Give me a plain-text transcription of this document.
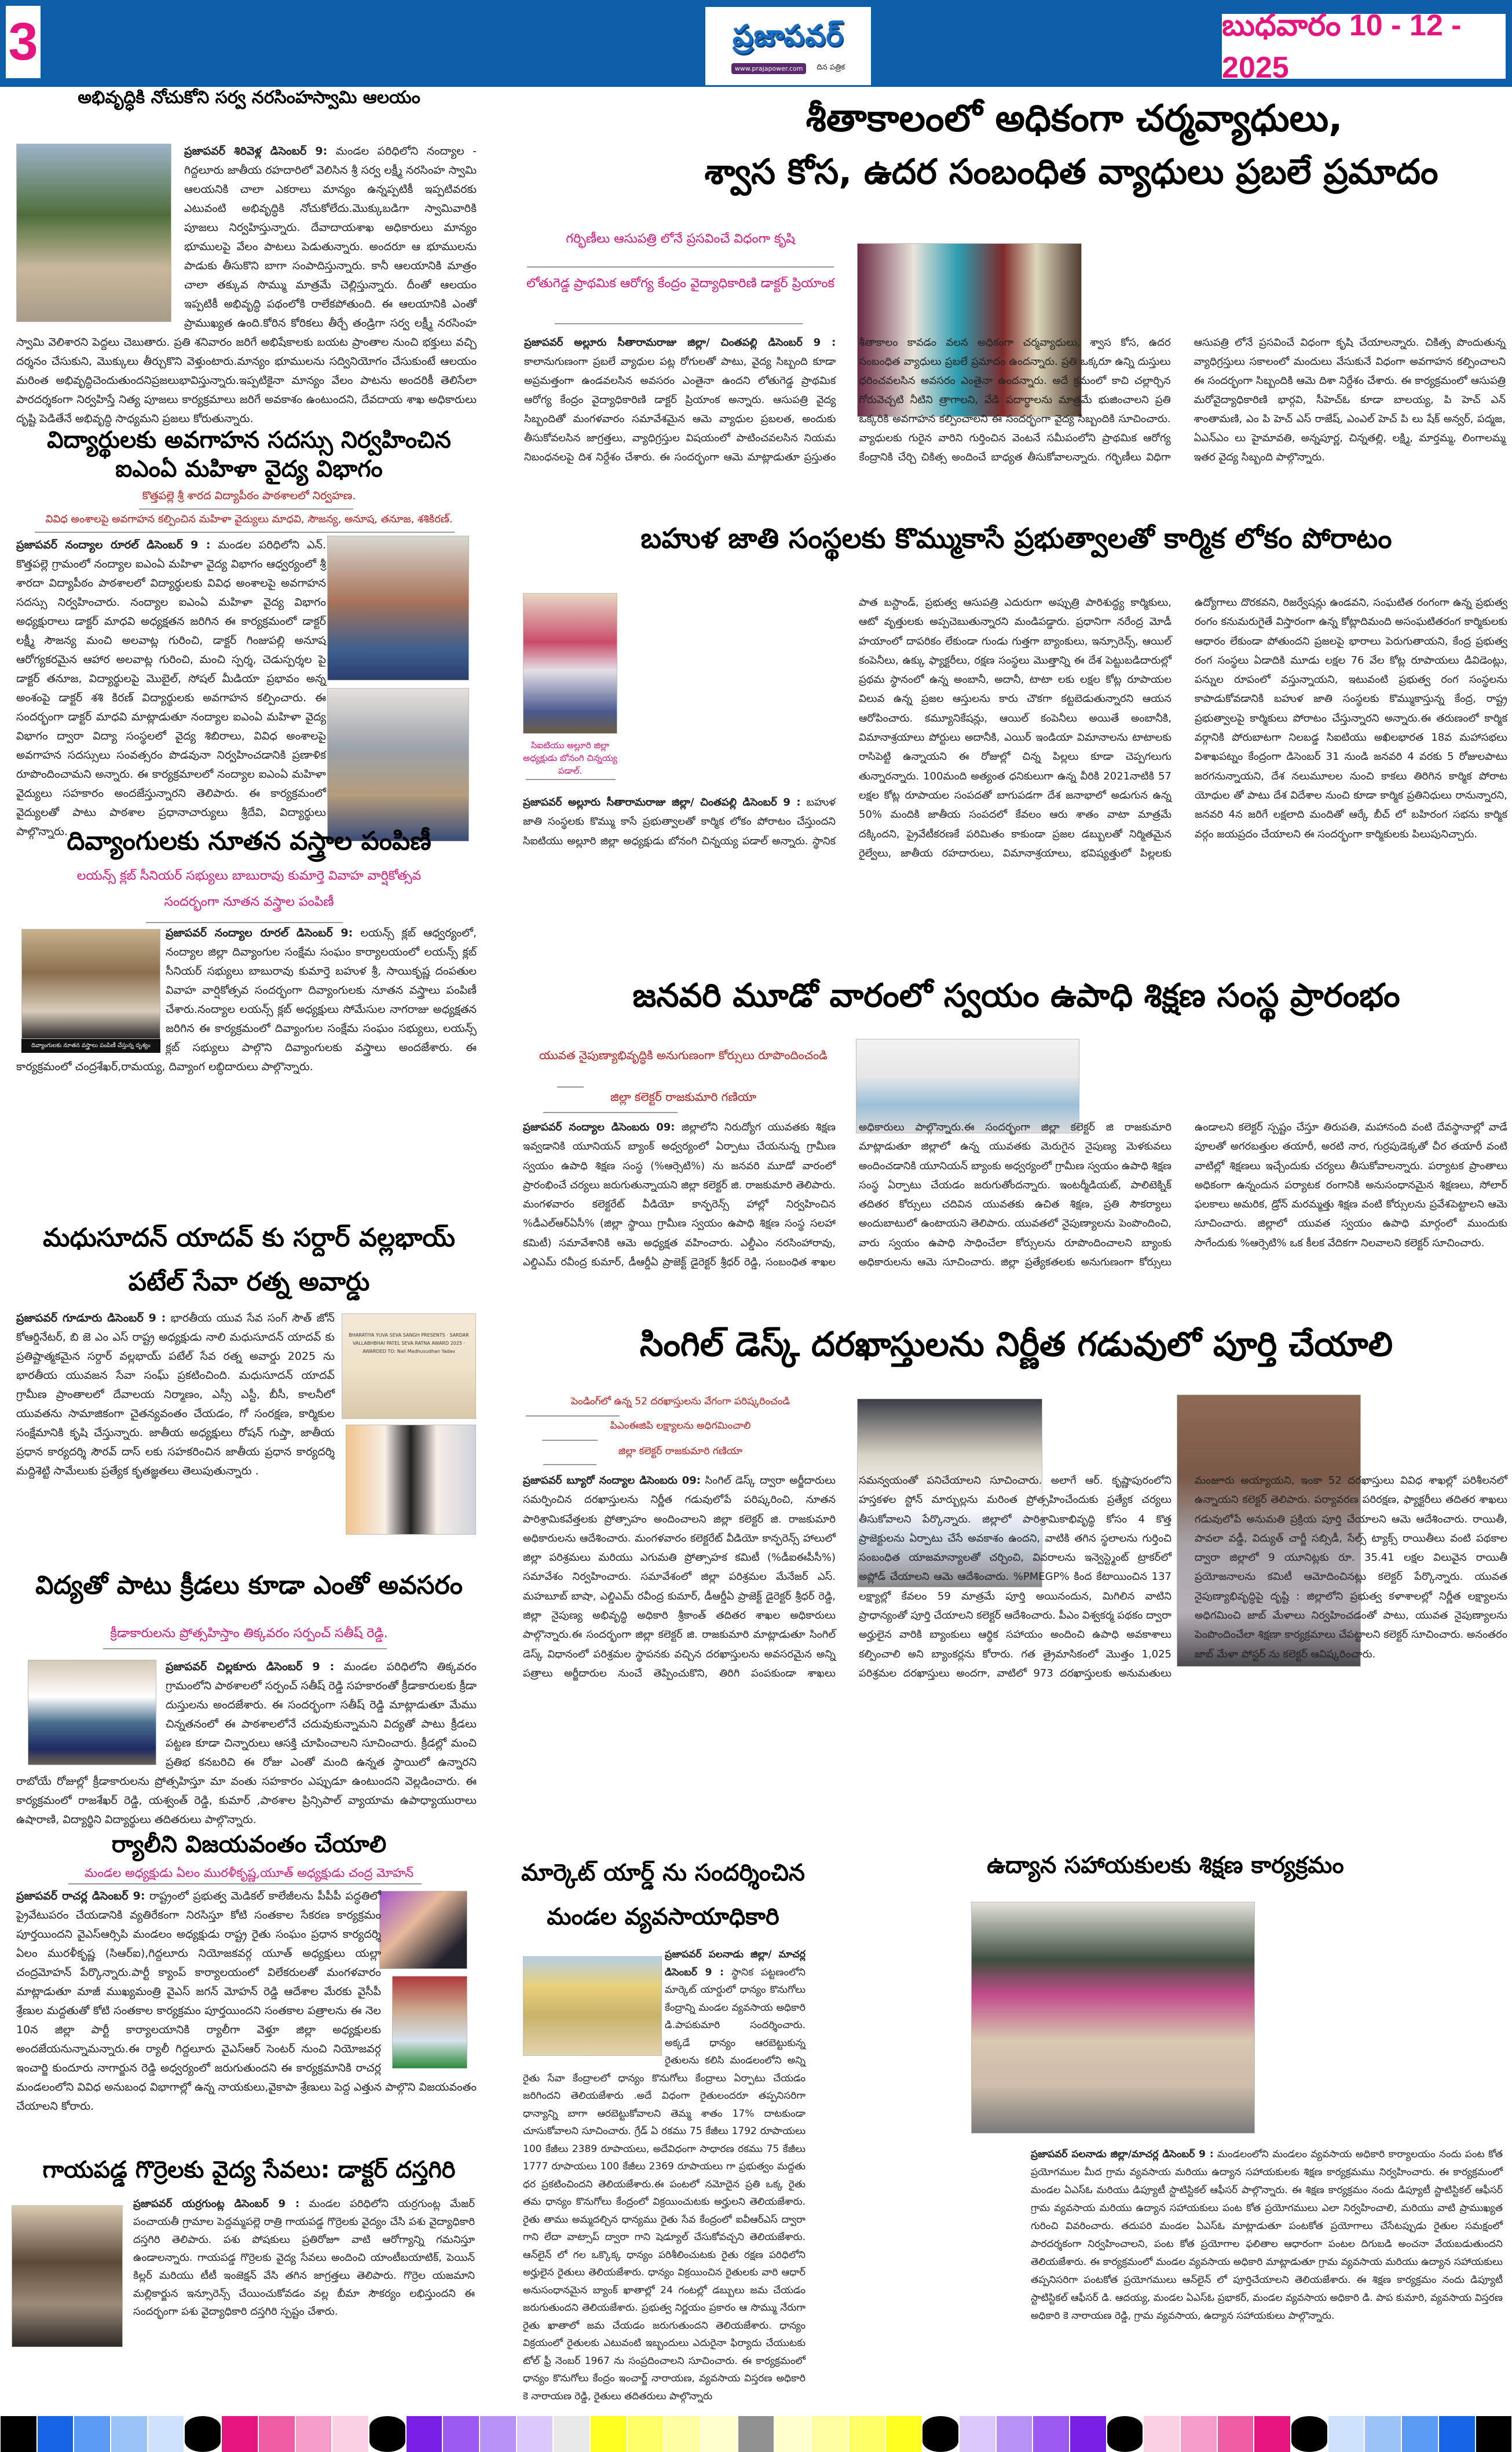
3	ప్రజాపవర్
www.prajapower.com	దిన పత్రిక
బుధవారం 10 - 12 - 2025
అభివృద్ధికి నోచుకోని సర్వ నరసింహస్వామి ఆలయం
ప్రజాపవర్ శిరివెళ్ల డిసెంబర్ 9: మండల పరిధిలోని నంద్యాల - గిద్దలూరు జాతీయ రహదారిలో వెలిసిన శ్రీ సర్వ లక్ష్మీ నరసింహ స్వామి ఆలయనికి చాలా ఎకరాలు మాన్యం ఉన్నప్పటికీ ఇప్పటివరకు ఎటువంటి అభివృద్ధికి నోచుకోలేదు.మొక్కుబడిగా స్వామివారికి పూజలు నిర్వహిస్తున్నారు. దేవాదాయశాఖ అధికారులు మాన్యం భూములపై వేలం పాటలు పెడుతున్నారు. అందరూ ఆ భూములను పాడుకు తీసుకొని బాగా సంపాదిస్తున్నారు. కానీ ఆలయానికి మాత్రం చాలా తక్కువ సొమ్ము మాత్రమే చెల్లిస్తున్నారు. దీంతో ఆలయం ఇప్పటికీ అభివృద్ధి పథంలోకి రాలేకపోతుంది. ఈ ఆలయానికి ఎంతో ప్రాముఖ్యత ఉంది.కోరిన కోరికలు తీర్చే తండ్రిగా సర్వ లక్ష్మీ నరసింహ స్వామి వెలిశారని పెద్దలు చెబుతారు. ప్రతి శనివారం జరిగే అభిషేకాలకు బయట ప్రాంతాల నుంచి భక్తులు వచ్చి దర్శనం చేసుకుని, మొక్కులు తీర్చుకొని వెళ్తుంటారు.మాన్యం భూములను సద్వినియోగం చేసుకుంటే ఆలయం మరింత అభివృద్ధిచెందుతుందనిప్రజలుభావిస్తున్నారు.ఇప్పటికైనా మాన్యం వేలం పాటను అందరికీ తెలిసేలా పారదర్శకంగా నిర్వహిస్తే నిత్య పూజలు కార్యక్రమాలు జరిగే అవకాశం ఉంటుందని, దేవదాయ శాఖ అధికారులు దృష్టి పెడితేనే అభివృద్ధి సాధ్యమని ప్రజలు కోరుతున్నారు.
విద్యార్థులకు అవగాహన సదస్సు నిర్వహించిన ఐఎంఏ మహిళా వైద్య విభాగం
కొత్తపల్లె శ్రీ శారద విద్యాపీఠం పాఠశాలలో నిర్వహణ.
వివిధ అంశాలపై అవగాహన కల్పించిన మహిళా వైద్యులు మాధవి, సౌజన్య, అనూష, తనూజ, శశికిరణ్.
ప్రజాపవర్ నంద్యాల రూరల్ డిసెంబర్ 9 : మండల పరిధిలోని ఎన్. కొత్తపల్లె గ్రామంలో నంద్యాల ఐఎంఏ మహిళా వైద్య విభాగం ఆధ్వర్యంలో శ్రీ శారదా విద్యాపీఠం పాఠశాలలో విద్యార్థులకు వివిధ అంశాలపై అవగాహన సదస్సు నిర్వహించారు. నంద్యాల ఐఎంఏ మహిళా వైద్య విభాగం అధ్యక్షురాలు డాక్టర్ మాధవి అధ్యక్షతన జరిగిన ఈ కార్యక్రమంలో డాక్టర్ లక్ష్మీ సౌజన్య మంచి అలవాట్ల గురించి, డాక్టర్ గింజుపల్లి అనూష ఆరోగ్యకరమైన ఆహార అలవాట్ల గురించి, మంచి స్పర్శ, చెడుస్పర్శల పై డాక్టర్ తనూజ, విద్యార్థులపై మొబైల్, సోషల్ మీడియా ప్రభావం అన్న అంశంపై డాక్టర్ శశి కిరణ్ విద్యార్థులకు అవగాహన కల్పించారు. ఈ సందర్భంగా డాక్టర్ మాధవి మాట్లాడుతూ నంద్యాల ఐఎంఏ మహిళా వైద్య విభాగం ద్వారా విద్యా సంస్థలలో వైద్య శిబిరాలు, వివిధ అంశాలపై అవగాహన సదస్సులు సంవత్సరం పొడవునా నిర్వహించడానికి ప్రణాళిక రూపొందించామని అన్నారు. ఈ కార్యక్రమాలలో నంద్యాల ఐఎంఏ మహిళా వైద్యులు సహకారం అందజేస్తున్నారని తెలిపారు. ఈ కార్యక్రమంలో వైద్యులతో పాటు పాఠశాల ప్రధానాచార్యులు శ్రీదేవి, విద్యార్థులు పాల్గొన్నారు.
దివ్యాంగులకు నూతన వస్త్రాల పంపిణీ
లయన్స్ క్లబ్ సీనియర్ సభ్యులు బాబురావు కుమార్తె వివాహ వార్షికోత్సవ
సందర్భంగా నూతన వస్త్రాల పంపిణీ
దివ్యాంగులకు నూతన వస్త్రాలు పంపిణీ చేస్తున్న దృశ్యం
ప్రజాపవర్ నంద్యాల రూరల్ డిసెంబర్ 9: లయన్స్ క్లబ్ ఆధ్వర్యంలో, నంద్యాల జిల్లా దివ్యాంగుల సంక్షేమ సంఘం కార్యాలయంలో లయన్స్ క్లబ్ సీనియర్ సభ్యులు బాబురావు కుమార్తె బహుళ శ్రీ, సాయికృష్ణ దంపతుల వివాహ వార్షికోత్సవ సందర్భంగా దివ్యాంగులకు నూతన వస్త్రాలు పంపిణీ చేశారు.నంద్యాల లయన్స్ క్లబ్ అధ్యక్షులు సోమేసుల నాగరాజు అధ్యక్షతన జరిగిన ఈ కార్యక్రమంలో దివ్యాంగుల సంక్షేమ సంఘం సభ్యులు, లయన్స్ క్లబ్ సభ్యులు పాల్గొని దివ్యాంగులకు వస్త్రాలు అందజేశారు. ఈ కార్యక్రమంలో చంద్రశేఖర్,రామయ్య, దివ్యాంగ లబ్ధిదారులు పాల్గొన్నారు.
మధుసూదన్ యాదవ్ కు సర్దార్ వల్లభాయ్ పటేల్ సేవా రత్న అవార్డు
BHARATIYA YUVA SEVA SANGH PRESENTS · SARDAR VALLABHBHAI PATEL SEVA RATNA AWARD 2025 · AWARDED TO: Nali Madhusudhan Yadav
ప్రజాపవర్ గూడూరు డిసెంబర్ 9 : భారతీయ యువ సేవ సంగ్ సౌత్ జోన్ కోఆర్డినేటర్, బి జె ఎం ఎస్ రాష్ట్ర అధ్యక్షుడు నాలి మధుసూదన్ యాదవ్ కు ప్రతిష్టాత్మకమైన సర్దార్ వల్లభాయ్ పటేల్ సేవ రత్న అవార్డు 2025 ను భారతీయ యువజన సేవా సంఘ్ ప్రకటించింది. మధుసూదన్ యాదవ్ గ్రామీణ ప్రాంతాలలో దేవాలయ నిర్మాణం, ఎస్సీ ఎస్టీ, బీసీ, కాలనీలో యువతను సామాజికంగా చైతన్యవంతం చేయడం, గో సంరక్షణ, కార్మికుల సంక్షేమానికి కృషి చేస్తున్నారు. జాతీయ అధ్యక్షులు రోషన్ గుప్తా, జాతీయ ప్రధాన కార్యదర్శి సౌరవ్ దాస్ లకు సహకరించిన జాతీయ ప్రధాన కార్యదర్శి మద్దిశెట్టి సామేలుకు ప్రత్యేక కృతజ్ఞతలు తెలుపుతున్నారు .
విద్యతో పాటు క్రీడలు కూడా ఎంతో అవసరం
క్రీడాకారులను ప్రోత్సహిస్తాం తిక్కవరం సర్పంచ్ సతీష్ రెడ్డి.
ప్రజాపవర్ చిల్లకూరు డిసెంబర్ 9 : మండల పరిధిలోని తిక్కవరం గ్రామంలోని పాఠశాలలో సర్పంచ్ సతీష్ రెడ్డి సహకారంతో క్రీడాకారులకు క్రీడా దుస్తులను అందజేశారు. ఈ సందర్భంగా సతీష్ రెడ్డి మాట్లాడుతూ మేము చిన్నతనంలో ఈ పాఠశాలలోనే చదువుకున్నామని విద్యతో పాటు క్రీడలు పట్టణ కూడా చిన్నారులు ఆసక్తి చూపించాలని సూచించారు. క్రీడల్లో మంచి ప్రతిభ కనబరిచి ఈ రోజు ఎంతో మంది ఉన్నత స్థాయిలో ఉన్నారని రాబోయే రోజుల్లో క్రీడాకారులను ప్రోత్సహిస్తూ మా వంతు సహకారం ఎప్పుడూ ఉంటుందని వెల్లడించారు. ఈ కార్యక్రమంలో రాజశేఖర్ రెడ్డి, యశ్వంత్ రెడ్డి, కుమార్ ,పాఠశాల ప్రిన్సిపాల్ వ్యాయామ ఉపాధ్యాయురాలు ఉషారాణి, విద్యార్థిని విద్యార్థులు తదితరులు పాల్గొన్నారు.
ర్యాలీని విజయవంతం చేయాలి
మండల అధ్యక్షుడు ఏలం మురళీకృష్ణ,యూత్ అధ్యక్షుడు చంద్ర మోహన్
ప్రజాపవర్ రాచర్ల డిసెంబర్ 9: రాష్ట్రంలో ప్రభుత్వ మెడికల్ కాలేజీలను పీపీపీ పద్ధతిలో ప్రైవేటుపరం చేయడానికి వ్యతిరేకంగా నిరసిస్తూ కోటి సంతకాల సేకరణ కార్యక్రమం పూర్తయిందని వైఎస్ఆర్సిపి మండలం అధ్యక్షుడు రాష్ట్ర రైతు సంఘం ప్రధాన కార్యదర్శి ఏలం మురళీకృష్ణ (సిఆర్ఐ),గిద్దలూరు నియోజకవర్గ యూత్ అధ్యక్షులు యల్లా చంద్రమోహన్ పేర్కొన్నారు.పార్టీ క్యాంప్ కార్యాలయంలో విలేకరులతో మంగళవారం మాట్లాడుతూ మాజీ ముఖ్యమంత్రి వైఎస్ జగన్ మోహన్ రెడ్డి ఆదేశాల మేరకు వైసీపీ శ్రేణుల మద్దతుతో కోటి సంతకాల కార్యక్రమం పూర్తయిందని సంతకాల పత్రాలను ఈ నెల 10న జిల్లా పార్టీ కార్యాలయానికి ర్యాలీగా వెళ్తూ జిల్లా అధ్యక్షులకు అందజేయనున్నామన్నారు.ఈ ర్యాలీ గిద్దలూరు వైఎస్ఆర్ సెంటర్ నుంచి నియోజవర్గ ఇంచార్జి కుందూరు నాగార్జున రెడ్డి అధ్వర్యంలో జరుగుతుందని ఈ కార్యక్రమానికి రాచర్ల మండలంలోని వివిధ అనుబంధ విభాగాల్లో ఉన్న నాయకులు,వైకాపా శ్రేణులు పెద్ద ఎత్తున పాల్గొని విజయవంతం చేయాలని కోరారు.
గాయపడ్డ గొర్రెలకు వైద్య సేవలు: డాక్టర్ దస్తగిరి
ప్రజాపవర్ యర్రగుంట్ల డిసెంబర్ 9 : మండల పరిధిలోని యర్రగుంట్ల మేజర్ పంచాయతీ గ్రామాల పెద్దమ్మపల్లె రాత్రి గాయపడ్డ గొర్రెలకు వైద్యం చేసి పశు వైద్యాధికారి దస్తగిరి తెలిపారు. పశు పోషకులు ప్రతిరోజూ వాటి ఆరోగ్యాన్ని గమనిస్తూ ఉండాలన్నారు. గాయపడ్డ గొర్రెలకు వైద్య సేవలు అందించి యాంటీబయాటిక్, పెయిన్ కిల్లర్ మరియు టీటీ ఇంజెక్షన్ వేసి తగిన జాగ్రత్తలు తెలిపారు. గొర్రెల యజమాని మల్లికార్జున ఇన్సూరెన్స్ చేయించుకోవడం వల్ల బీమా సౌకర్యం లభిస్తుందని ఈ సందర్భంగా పశు వైద్యాధికారి దస్తగిరి స్పష్టం చేశారు.
శీతాకాలంలో అధికంగా చర్మవ్యాధులు,
శ్వాస కోస, ఉదర సంబంధిత వ్యాధులు ప్రబలే ప్రమాదం
గర్భిణీలు ఆసుపత్రి లోనే ప్రసవించే విధంగా కృషి
లోతుగెడ్డ ప్రాథమిక ఆరోగ్య కేంద్రం వైద్యాధికారిణి డాక్టర్ ప్రియాంక
ప్రజాపవర్ అల్లూరు సీతారామరాజు జిల్లా/ చింతపల్లి డిసెంబర్ 9 : కాలానుగుణంగా ప్రబలే వ్యాధుల పట్ల రోగులతో పాటు, వైద్య సిబ్బంది కూడా అప్రమత్తంగా ఉండవలసిన అవసరం ఎంతైనా ఉందని లోతుగెడ్డ ప్రాథమిక ఆరోగ్య కేంద్రం వైద్యాధికారిణి డాక్టర్ ప్రియాంక అన్నారు. ఆసుపత్రి వైద్య సిబ్బందితో మంగళవారం సమావేశమైన ఆమె వ్యాధుల ప్రబలత, అందుకు తీసుకోవలసిన జాగ్రత్తలు, వ్యాధిగ్రస్తుల విషయంలో పాటించవలసిన నియమ నిబంధనలపై దిశ నిర్దేశం చేశారు. ఈ సందర్భంగా ఆమె మాట్లాడుతూ ప్రస్తుతం శీతాకాలం కావడం వలన అధికంగా చర్మవ్యాధులు, శ్వాస కోస, ఉదర సంబంధిత వ్యాధులు ప్రబలే ప్రమాదం ఉందన్నారు. ప్రతి ఒక్కరూ ఉన్ని దుస్తులు ధరించవలసిన అవసరం ఎంతైనా ఉందన్నారు. అదే క్రమంలో కాచి చల్లార్చిన గోరువెచ్చటి నీటిని త్రాగాలని, వేడి పదార్థాలను మాత్రమే భుజించాలని ప్రతి ఒక్కరికి అవగాహన కల్పించాలని ఈ సందర్భంగా వైద్య సిబ్బందికి సూచించారు. వ్యాధులకు గురైన వారిని గుర్తించిన వెంటనే సమీపంలోని ప్రాథమిక ఆరోగ్య కేంద్రానికి చేర్చి చికిత్స అందించే బాధ్యత తీసుకోవాలన్నారు. గర్భిణీలు విధిగా ఆసుపత్రి లోనే ప్రసవించే విధంగా కృషి చేయాలన్నారు. చికిత్స పొందుతున్న వ్యాధిగ్రస్తులు సకాలంలో మందులు వేసుకునే విధంగా అవగాహన కల్పించాలని ఈ సందర్భంగా సిబ్బందికి ఆమె దిశా నిర్దేశం చేశారు. ఈ కార్యక్రమంలో ఆసుపత్రి మరోవైద్యాధికారిణి భార్గవి, సీహెచ్ఓ కూడా బాలయ్య, పి హెచ్ ఎన్ శాంతామణి, ఎం పి హెచ్ ఎస్ రాజేష్, ఎంఎల్ హెచ్ పి లు షేక్ అన్వర్, పద్మజ, ఏఎన్ఎం లు హైమావతి, అన్నపూర్ణ, చిన్నతల్లి, లక్ష్మి, మార్తమ్మ, లింగాలమ్మ ఇతర వైద్య సిబ్బంది పాల్గొన్నారు.
బహుళ జాతి సంస్థలకు కొమ్ముకాసే ప్రభుత్వాలతో కార్మిక లోకం పోరాటం
సిఐటియు అల్లూరి జిల్లా అధ్యక్షుడు బోనంగి చిన్నయ్య పడాల్.
ప్రజాపవర్ అల్లూరు సీతారామరాజు జిల్లా/ చింతపల్లి డిసెంబర్ 9 : బహుళ జాతి సంస్థలకు కొమ్ము కాసే ప్రభుత్వాలతో కార్మిక లోకం పోరాటం చేస్తుందని సిఐటియు అల్లూరి జిల్లా అధ్యక్షుడు బోనంగి చిన్నయ్య పడాల్ అన్నారు. స్థానిక పాత బస్టాండ్, ప్రభుత్వ ఆసుపత్రి ఎదురుగా అప్పుత్రి పారిశుద్ధ్య కార్మికులు, ఆటో వృత్తులకు అప్పచెబుతున్నారని మండిపడ్డారు. ప్రధానిగా నరేంద్ర మోడీ హయాంలో దాపరికం లేకుండా గుండు గుత్తగా బ్యాంకులు, ఇన్సూరెన్స్, ఆయిల్ కంపెనీలు, ఉక్కు ఫ్యాక్టరీలు, రక్షణ సంస్థలు మొత్తాన్ని ఈ దేశ పెట్టుబడిదారుల్లో ప్రథమ స్థానంలో ఉన్న అంబానీ, అదానీ, టాటా లకు లక్షల కోట్ల రూపాయల విలువ ఉన్న ప్రజల ఆస్తులను కారు చౌకగా కట్టబెడుతున్నారని ఆయన ఆరోపించారు. కమ్యూనికేషన్లు, ఆయిల్ కంపెనీలు అయితే అంబానీకి, విమానాశ్రయాలు పోర్టులు అదానీకి, ఎయిర్ ఇండియా విమానాలను టాటాలకు రాసిపెట్టి ఉన్నాయని ఈ రోజుల్లో చిన్న పిల్లలు కూడా చెప్పగలుగు తున్నారన్నారు. 100మంది అత్యంత ధనికులుగా ఉన్న వీరికి 2021నాటికి 57 లక్షల కోట్ల రూపాయల సంపదతో బాగుపడగా దేశ జనాభాలో అడుగున ఉన్న 50% మందికి జాతీయ సంపదలో కేవలం ఆరు శాతం వాటా మాత్రమే దక్కిందని, ప్రైవేటీకరణకే పరిమితం కాకుండా ప్రజల డబ్బులతో నిర్మితమైన రైల్వేలు, జాతీయ రహదారులు, విమానాశ్రయాలు, భవిష్యత్తులో పిల్లలకు ఉద్యోగాలు దొరకవని, రిజర్వేషన్లు ఉండవని, సంఘటిత రంగంగా ఉన్న ప్రభుత్వ రంగం కనుమరుగైతే విస్తారంగా ఉన్న కోట్లాదిమంది అసంఘటితరంగ కార్మికులకు ఆధారం లేకుండా పోతుందని ప్రజలపై భారాలు పెరుగుతాయని, కేంద్ర ప్రభుత్వ రంగ సంస్థలు ఏడాదికి మూడు లక్షల 76 వేల కోట్ల రూపాయలు డివిడెంట్లు, పన్నుల రూపంలో వస్తున్నాయని, ఇటువంటి ప్రభుత్వ రంగ సంస్థలను కాపాడుకోవడానికి బహుళ జాతి సంస్థలకు కొమ్ముకాస్తున్న కేంద్ర, రాష్ట్ర ప్రభుత్వాలపై కార్మికులు పోరాటం చేస్తున్నారని అన్నారు.ఈ తరుణంలో కార్మిక వర్గానికి పోరుబాటగా నిలబడ్డ సిఐటియు అఖిలభారత 18వ మహాసభలు విశాఖపట్నం కేంద్రంగా డిసెంబర్ 31 నుండి జనవరి 4 వరకు 5 రోజులపాటు జరగనున్నాయని, దేశ నలుమూలల నుంచి కాకలు తిరిగిన కార్మిక పోరాట యోధుల తో పాటు దేశ విదేశాల నుంచి కూడా కార్మిక ప్రతినిధులు రానున్నారని, జనవరి 4న జరిగే లక్షలాది మందితో ఆర్కే బీచ్ లో బహిరంగ సభను కార్మిక వర్గం జయప్రదం చేయాలని ఈ సందర్భంగా కార్మికులకు పిలుపునిచ్చారు.
జనవరి మూడో వారంలో స్వయం ఉపాధి శిక్షణ సంస్థ ప్రారంభం
యువత నైపుణ్యాభివృద్ధికి అనుగుణంగా కోర్సులు రూపొందించండి
జిల్లా కలెక్టర్ రాజకుమారి గణియా
ప్రజాపవర్ నంద్యాల డిసెంబరు 09: జిల్లాలోని నిరుద్యోగ యువతకు శిక్షణ ఇవ్వడానికి యూనియన్ బ్యాంక్ అధ్వర్యంలో ఏర్పాటు చేయనున్న గ్రామీణ స్వయం ఉపాధి శిక్షణ సంస్థ (%ఆర్సెటి%) ను జనవరి మూడో వారంలో ప్రారంభించే చర్యలు జరుగుతున్నాయని జిల్లా కలెక్టర్ జి. రాజకుమారి తెలిపారు. మంగళవారం కలెక్టరేట్ వీడియో కాన్ఫరెన్స్ హాల్లో నిర్వహించిన %డీఎల్ఆర్ఏసీ% (జిల్లా స్థాయి గ్రామీణ స్వయం ఉపాధి శిక్షణ సంస్థ సలహా కమిటీ) సమావేశానికి ఆమె అధ్యక్షత వహించారు. ఎల్డీఎం నరసింహారావు, ఎల్డిఎమ్ రవీంద్ర కుమార్, డీఆర్డీఏ ప్రాజెక్ట్ డైరెక్టర్ శ్రీధర్ రెడ్డి, సంబంధిత శాఖల అధికారులు పాల్గొన్నారు.ఈ సందర్భంగా జిల్లా కలెక్టర్ జి రాజకుమారి మాట్లాడుతూ జిల్లాలో ఉన్న యువతకు మెరుగైన నైపుణ్య మెళకువలు అందించడానికి యూనియన్ బ్యాంకు అధ్వర్యంలో గ్రామీణ స్వయం ఉపాధి శిక్షణ సంస్థ ఏర్పాటు చేయడం జరుగుతోందన్నారు. ఇంటర్మీడియట్, పాలిటెక్నిక్ తదితర కోర్సులు చదివిన యువతకు ఉచిత శిక్షణ, ప్రతి సౌకర్యాలు అందుబాటులో ఉంటాయని తెలిపారు. యువతలో నైపుణ్యాలను పెంపొందించి, వారు స్వయం ఉపాధి సాధించేలా కోర్సులను రూపొందించాలని బ్యాంకు అధికారులను ఆమె సూచించారు. జిల్లా ప్రత్యేకతలకు అనుగుణంగా కోర్సులు ఉండాలని కలెక్టర్ స్పష్టం చేస్తూ తిరుపతి, మహానంది వంటి దేవస్థానాల్లో వాడే పూలతో అగరబత్తుల తయారీ, అరటి నార, గుర్రపుడెక్కతో చీర తయారీ వంటి వాటిల్లో శిక్షణలు ఇచ్చేందుకు చర్యలు తీసుకోవాలన్నారు. పర్యాటక ప్రాంతాలు అధికంగా ఉన్నందున పర్యాటక రంగానికి అనుసంధానమైన శిక్షణలు, సోలార్ ఫలకాలు అమరిక, డ్రోన్ మరమ్మత్తు శిక్షణ వంటి కోర్సులను ప్రవేశపెట్టాలని ఆమె సూచించారు. జిల్లాలో యువత స్వయం ఉపాధి మార్గంలో ముందుకు సాగేందుకు %ఆర్సెటి% ఒక కీలక వేదికగా నిలవాలని కలెక్టర్ సూచించారు.
సింగిల్ డెస్క్ దరఖాస్తులను నిర్ణీత గడువులో పూర్తి చేయాలి
పెండింగ్‌లో ఉన్న 52 దరఖాస్తులను వేగంగా పరిష్కరించండి
పిఎంఈజిపి లక్ష్యాలను అధిగమించాలి
జిల్లా కలెక్టర్ రాజకుమారి గణియా
ప్రజాపవర్ బ్యూరో నంద్యాల డిసెంబరు 09: సింగిల్ డెస్క్ ద్వారా అర్జీదారులు సమర్పించిన దరఖాస్తులను నిర్ణీత గడువులోపే పరిష్కరించి, నూతన పారిశ్రామికవేత్తలకు ప్రోత్సాహం అందించాలని జిల్లా కలెక్టర్ జి. రాజకుమారి అధికారులను ఆదేశించారు. మంగళవారం కలెక్టరేట్ వీడియో కాన్ఫరెన్స్ హాలులో జిల్లా పరిశ్రమలు మరియు ఎగుమతి ప్రోత్సాహక కమిటీ (%డీఐఈపీసీ%) సమావేశం నిర్వహించారు. సమావేశంలో జిల్లా పరిశ్రమల మేనేజర్ ఎస్. మహబూబ్ బాషా, ఎల్డిఎమ్ రవీంద్ర కుమార్, డీఆర్డీఏ ప్రాజెక్ట్ డైరెక్టర్ శ్రీధర్ రెడ్డి, జిల్లా నైపుణ్య అభివృద్ధి అధికారి శ్రీకాంత్ తదితర శాఖల అధికారులు పాల్గొన్నారు.ఈ సందర్భంగా జిల్లా కలెక్టర్ జి. రాజకుమారి మాట్లాడుతూ సింగిల్ డెస్క్ విధానంలో పరిశ్రమల స్థాపనకు వచ్చిన దరఖాస్తులను అవసరమైన అన్ని పత్రాలు అర్జీదారుల నుంచే తెప్పించుకొని, తిరిగి పంపకుండా శాఖలు సమన్వయంతో పనిచేయాలని సూచించారు. అలాగే ఆర్. కృష్ణాపురంలోని హస్తకళల స్టోన్ మార్బుల్లను మరింత ప్రోత్సహించేందుకు ప్రత్యేక చర్యలు తీసుకోవాలని పేర్కొన్నారు. జిల్లాలో పారిశ్రామికాభివృద్ధి కోసం 4 కొత్త ప్రాజెక్టులను ఏర్పాటు చేసే అవకాశం ఉందని, వాటికి తగిన స్థలాలను గుర్తించి సంబంధిత యాజమాన్యాలతో చర్చించి, వివరాలను ఇన్వెస్ట్మెంట్ ట్రాకర్‌లో అప్లోడ్ చేయాలని ఆమె ఆదేశించారు. %PMEGP% కింద కేటాయించిన 137 లక్ష్యాల్లో కేవలం 59 మాత్రమే పూర్తి అయినందున, మిగిలిన వాటిని ప్రాధాన్యంతో పూర్తి చేయాలని కలెక్టర్ ఆదేశించారు. పీఎం విశ్వకర్మ పథకం ద్వారా అర్హులైన వారికి బ్యాంకులు ఆర్థిక సహాయం అందించి ఉపాధి అవకాశాలు కల్పించాలి అని బ్యాంకర్లను కోరారు. గత త్రైమాసికంలో మొత్తం 1,025 పరిశ్రమల దరఖాస్తులు అందగా, వాటిలో 973 దరఖాస్తులకు అనుమతులు మంజూరు అయ్యాయని, ఇంకా 52 దరఖాస్తులు వివిధ శాఖల్లో పరిశీలనలో ఉన్నాయని కలెక్టర్ తెలిపారు. పర్యావరణ పరిరక్షణ, ఫ్యాక్టరీలు తదితర శాఖలు గడువులోపే అనుమతి ప్రక్రియ పూర్తి చేయాలని ఆమె ఆదేశించారు. రాయితీ, పావలా వడ్డీ, విద్యుత్ చార్జీ సబ్సిడీ, సేల్స్ ట్యాక్స్ రాయితీలు వంటి పథకాల ద్వారా జిల్లాలో 9 యూనిట్లకు రూ. 35.41 లక్షల విలువైన రాయితీ ప్రయోజనాలను కమిటీ ఆమోదించినట్లు కలెక్టర్ పేర్కొన్నారు. యువత నైపుణ్యాభివృద్ధిపై దృష్టి : జిల్లాలోని ప్రభుత్వ కళాశాలల్లో నిర్ణీత లక్ష్యాలను అధిగమించి జాబ్ మేళాలు నిర్వహించడంతో పాటు, యువత నైపుణ్యాలను పెంపొందించేలా శిక్షణా కార్యక్రమాలు చేపట్టాలని కలెక్టర్ సూచించారు. అనంతరం జాబ్ మేళా పోస్టర్ ను కలెక్టర్ ఆవిష్కరించారు.
మార్కెట్ యార్డ్ ను సందర్శించిన మండల వ్యవసాయాధికారి
ప్రజాపవర్ పలనాడు జిల్లా/ మాచర్ల డిసెంబర్ 9 : స్థానిక పట్టణంలోని మార్కెట్ యార్డులో ధాన్యం కొనుగోలు కేంద్రాన్ని మండల వ్యవసాయ అధికారి డి.పాపకుమారి సందర్శించారు. అక్కడే ధాన్యం ఆరబెట్టుకున్న రైతులను కలిసి మండలంలోని అన్ని రైతు సేవా కేంద్రాలలో ధాన్యం కొనుగోలు కేంద్రాలు ఏర్పాటు చేయడం జరిగిందని తెలియజేశారు .అదే విధంగా రైతులందరూ తప్పనిసరిగా ధాన్యాన్ని బాగా ఆరబెట్టుకోవాలని తెమ్మ శాతం 17% దాటకుండా చూసుకోవాలని సూచించారు. గ్రేడ్ ఏ రకము 75 కేజీలు 1792 రూపాయలు 100 కేజీలు 2389 రూపాయలు, అదేవిధంగా సాధారణ రకము 75 కేజీలు 1777 రూపాయలు 100 కేజీలు 2369 రూపాయలు గా ప్రభుత్వం మద్దతు ధర ప్రకటించిందని తెలియజేశారు.ఈ పంటలో నమోదైన ప్రతి ఒక్క రైతు తమ ధాన్యం కొనుగోలు కేంద్రంలో విక్రయించుటకు అర్హులని తెలియజేశారు. రైతు తాము అమ్మదల్చిన ధాన్యము రైతు సేవ కేంద్రంలో ఐవీఆర్ఎస్ ద్వారా గాని లేదా వాట్సాప్ ద్వారా గాని షెడ్యూల్ చేసుకోవచ్చని తెలియజేశారు. ఆన్‌లైన్ లో గల ఒక్కొక్క ధాన్యం పరిశీలించుటకు రైతు రక్షణ పరిధిలోని అర్హులైన రైతులు తెలియజేశారు. ధాన్యం విక్రయించిన రైతులకు వారి ఆధార్ అనుసంధానమైన బ్యాంక్ ఖాతాల్లో 24 గంటల్లో డబ్బులు జమ చేయడం జరుగుతుందని తెలియజేశారు. ప్రభుత్వ నిర్ణయం ప్రకారం ఆ సొమ్ము నేరుగా రైతు ఖాతాలో జమ చేయడం జరుగుతుందని తెలియజేశారు. ధాన్యం విక్రయంలో రైతులకు ఎటువంటి ఇబ్బందులు ఎదురైనా ఫిర్యాదు చేయుటకు టోల్ ఫ్రీ నెంబర్ 1967 ను సంప్రదించాలని సూచించారు. ఈ కార్యక్రమంలో ధాన్యం కొనుగోలు కేంద్రం ఇంచార్జ్ నారాయణ, వ్యవసాయ విస్తరణ అధికారి కె నారాయణ రెడ్డి, రైతులు తదితరులు పాల్గొన్నారు
ఉద్యాన సహాయకులకు శిక్షణ కార్యక్రమం
ప్రజాపవర్ పలనాడు జిల్లా/మాచర్ల డిసెంబర్ 9 : మండలంలోని మండలం వ్యవసాయ అధికారి కార్యాలయం నందు పంట కోత ప్రయోగముల మీద గ్రామ వ్యవసాయ మరియు ఉద్యాన సహాయకులకు శిక్షణ కార్యక్రమము నిర్వహించారు. ఈ కార్యక్రమంలో మండల ఏఎస్ఓ మరియు డిప్యూటీ స్టాటిస్టికల్ ఆఫీసర్ పాల్గొన్నారు. ఈ శిక్షణ కార్యక్రమం నందు డిప్యూటీ స్టాటిస్టికల్ ఆఫీసర్ గ్రామ వ్యవసాయ మరియు ఉద్యాన సహాయకులు పంట కోత ప్రయోగములు ఎలా నిర్వహించాలి, మరియు వాటి ప్రాముఖ్యత గురించి వివరించారు. తదుపరి మండల ఏఎస్ఓ మాట్లాడుతూ పంటకోత ప్రయోగాలు చేసేటప్పుడు రైతుల సమక్షంలో పారదర్శకంగా నిర్వహించాలని, పంట కోత ప్రయోగాల ఫలితాల ఆధారంగా పంటల దిగుబడి అంచనా వేయబడుతుందని తెలియజేశారు. ఈ కార్యక్రమంలో మండల వ్యవసాయ అధికారి మాట్లాడుతూ గ్రామ వ్యవసాయ మరియు ఉద్యాన సహాయకులు తప్పనిసరిగా పంటకోత ప్రయోగములు ఆన్‌లైన్ లో పూర్తిచేయాలని తెలియజేశారు. ఈ శిక్షణ కార్యక్రమం నందు డిప్యూటీ స్టాటిస్టికల్ ఆఫీసర్ డి. ఆదయ్య, మండల ఏఎస్ఓ ప్రభాకర్, మండల వ్యవసాయ అధికారి డి. పాప కుమారి, వ్యవసాయ విస్తరణ అధికారి కె నారాయణ రెడ్డి, గ్రామ వ్యవసాయ, ఉద్యాన సహాయకులు పాల్గొన్నారు.
